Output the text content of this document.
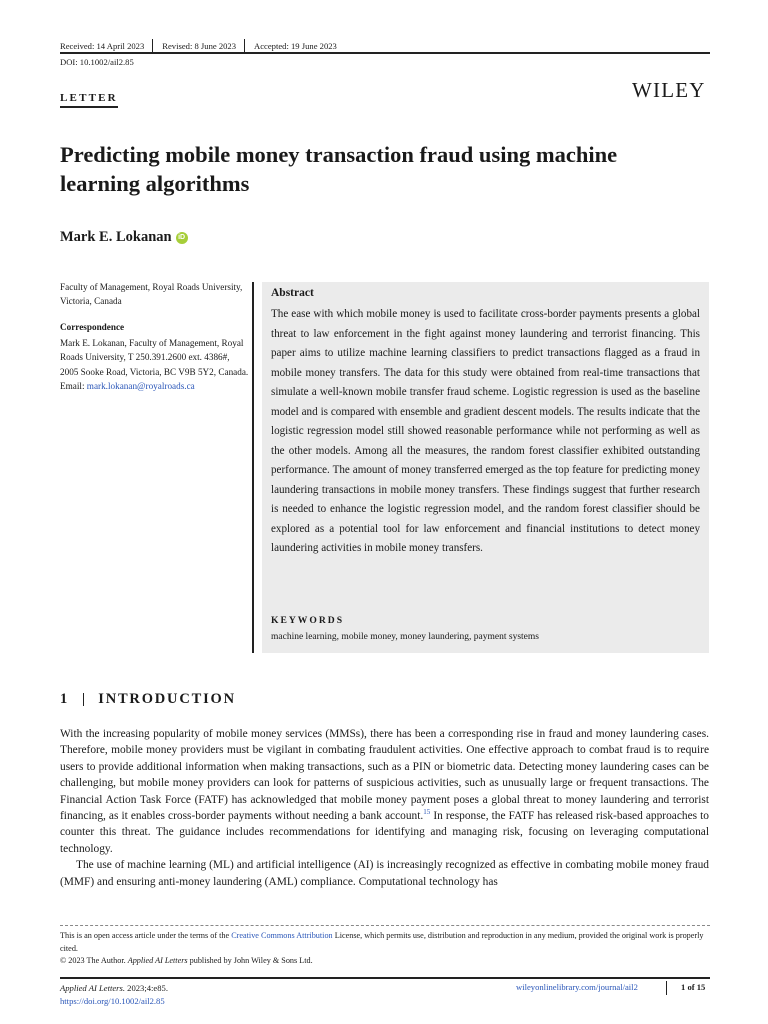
Received: 14 April 2023	Revised: 8 June 2023	Accepted: 19 June 2023
DOI: 10.1002/ail2.85
LETTER	WILEY
Predicting mobile money transaction fraud using machine
learning algorithms
Mark E. Lokanan iD
Faculty of Management, Royal Roads University, Victoria, Canada
Correspondence
Mark E. Lokanan, Faculty of Management, Royal Roads University, T 250.391.2600 ext. 4386#, 2005 Sooke Road, Victoria, BC V9B 5Y2, Canada.
Email: mark.lokanan@royalroads.ca
Abstract
The ease with which mobile money is used to facilitate cross-border payments presents a global threat to law enforcement in the fight against money laundering and terrorist financing. This paper aims to utilize machine learning classifiers to predict transactions flagged as a fraud in mobile money transfers. The data for this study were obtained from real-time transactions that simulate a well-known mobile transfer fraud scheme. Logistic regression is used as the baseline model and is compared with ensemble and gradient descent models. The results indicate that the logistic regression model still showed reasonable performance while not performing as well as the other models. Among all the measures, the random forest classifier exhibited outstanding performance. The amount of money transferred emerged as the top feature for predicting money laundering transactions in mobile money transfers. These findings suggest that further research is needed to enhance the logistic regression model, and the random forest classifier should be explored as a potential tool for law enforcement and financial institutions to detect money laundering activities in mobile money transfers.
KEYWORDS
machine learning, mobile money, money laundering, payment systems
1 INTRODUCTION

With the increasing popularity of mobile money services (MMSs), there has been a corresponding rise in fraud and money laundering cases. Therefore, mobile money providers must be vigilant in combating fraudulent activities. One effective approach to combat fraud is to require users to provide additional information when making transactions, such as a PIN or biometric data. Detecting money laundering cases can be challenging, but mobile money providers can look for patterns of suspicious activities, such as unusually large or frequent transactions. The Financial Action Task Force (FATF) has acknowledged that mobile money payment poses a global threat to money laundering and terrorist financing, as it enables cross-border payments without needing a bank account.$^{15}$ In response, the FATF has released risk-based approaches to counter this threat. The guidance includes recommendations for identifying and managing risk, focusing on leveraging computational technology.

The use of machine learning (ML) and artificial intelligence (AI) is increasingly recognized as effective in combating mobile money fraud (MMF) and ensuring anti-money laundering (AML) compliance. Computational technology has

This is an open access article under the terms of the Creative Commons Attribution License, which permits use, distribution and reproduction in any medium, provided the original work is properly cited.

© 2023 The Author. Applied AI Letters published by John Wiley & Sons Ltd.

Applied AI Letters. 2023;4:e85.
https://doi.org/10.1002/ail2.85
wileyonlinelibrary.com/journal/ail2	1 of 15
